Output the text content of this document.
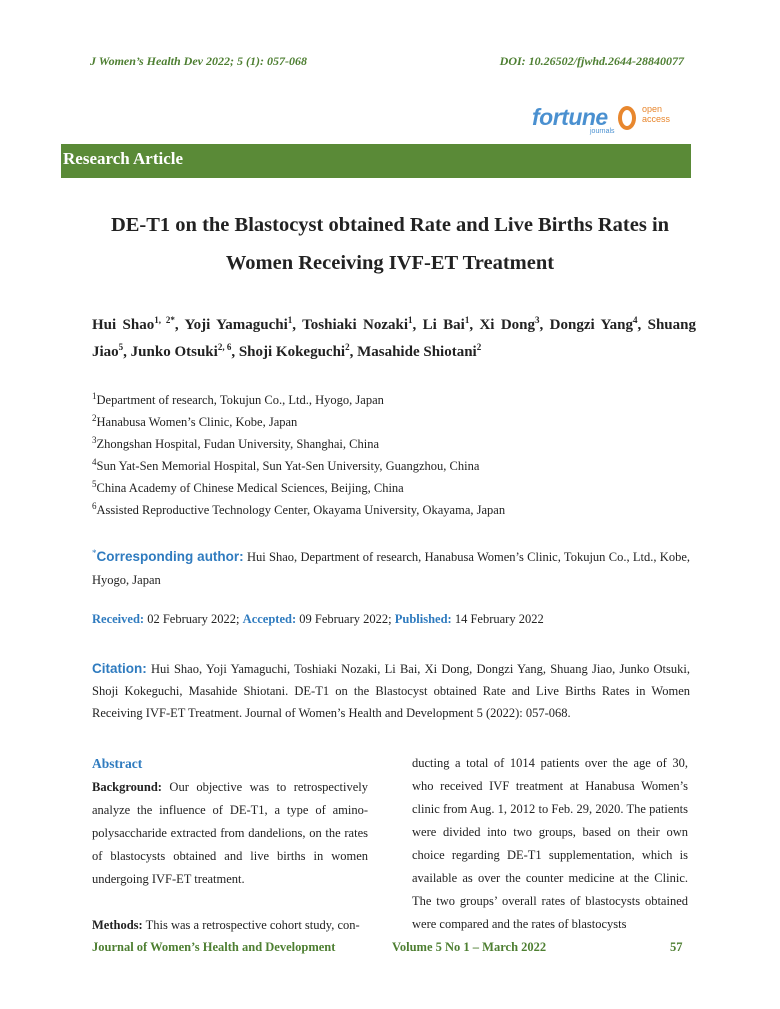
J Women’s Health Dev 2022; 5 (1): 057-068	DOI: 10.26502/fjwhd.2644-28840077
fortune
journals
open
access
Research Article
DE-T1 on the Blastocyst obtained Rate and Live Births Rates in
Women Receiving IVF-ET Treatment
Hui Shao$^{1, 2*}$, Yoji Yamaguchi$^1$, Toshiaki Nozaki$^1$, Li Bai$^1$, Xi Dong$^3$, Dongzi Yang$^4$, Shuang Jiao$^5$, Junko Otsuki$^{2, 6}$, Shoji Kokeguchi$^2$, Masahide Shiotani$^2$
$^1$Department of research, Tokujun Co., Ltd., Hyogo, Japan
$^2$Hanabusa Women’s Clinic, Kobe, Japan
$^3$Zhongshan Hospital, Fudan University, Shanghai, China
$^4$Sun Yat-Sen Memorial Hospital, Sun Yat-Sen University, Guangzhou, China
$^5$China Academy of Chinese Medical Sciences, Beijing, China
$^6$Assisted Reproductive Technology Center, Okayama University, Okayama, Japan
*Corresponding author: Hui Shao, Department of research, Hanabusa Women’s Clinic, Tokujun Co., Ltd., Kobe, Hyogo, Japan
Received: 02 February 2022; Accepted: 09 February 2022; Published: 14 February 2022
Citation: Hui Shao, Yoji Yamaguchi, Toshiaki Nozaki, Li Bai, Xi Dong, Dongzi Yang, Shuang Jiao, Junko Otsuki, Shoji Kokeguchi, Masahide Shiotani. DE-T1 on the Blastocyst obtained Rate and Live Births Rates in Women Receiving IVF-ET Treatment. Journal of Women’s Health and Development 5 (2022): 057-068.
Abstract
Background: Our objective was to retrospectively analyze the influence of DE-T1, a type of amino-polysaccharide extracted from dandelions, on the rates of blastocysts obtained and live births in women undergoing IVF-ET treatment.
Methods: This was a retrospective cohort study, con-
ducting a total of 1014 patients over the age of 30, who received IVF treatment at Hanabusa Women’s clinic from Aug. 1, 2012 to Feb. 29, 2020. The patients were divided into two groups, based on their own choice regarding DE-T1 supplementation, which is available as over the counter medicine at the Clinic. The two groups’ overall rates of blastocysts obtained were compared and the rates of blastocysts
Journal of Women’s Health and Development	Volume 5 No 1 – March 2022	57
